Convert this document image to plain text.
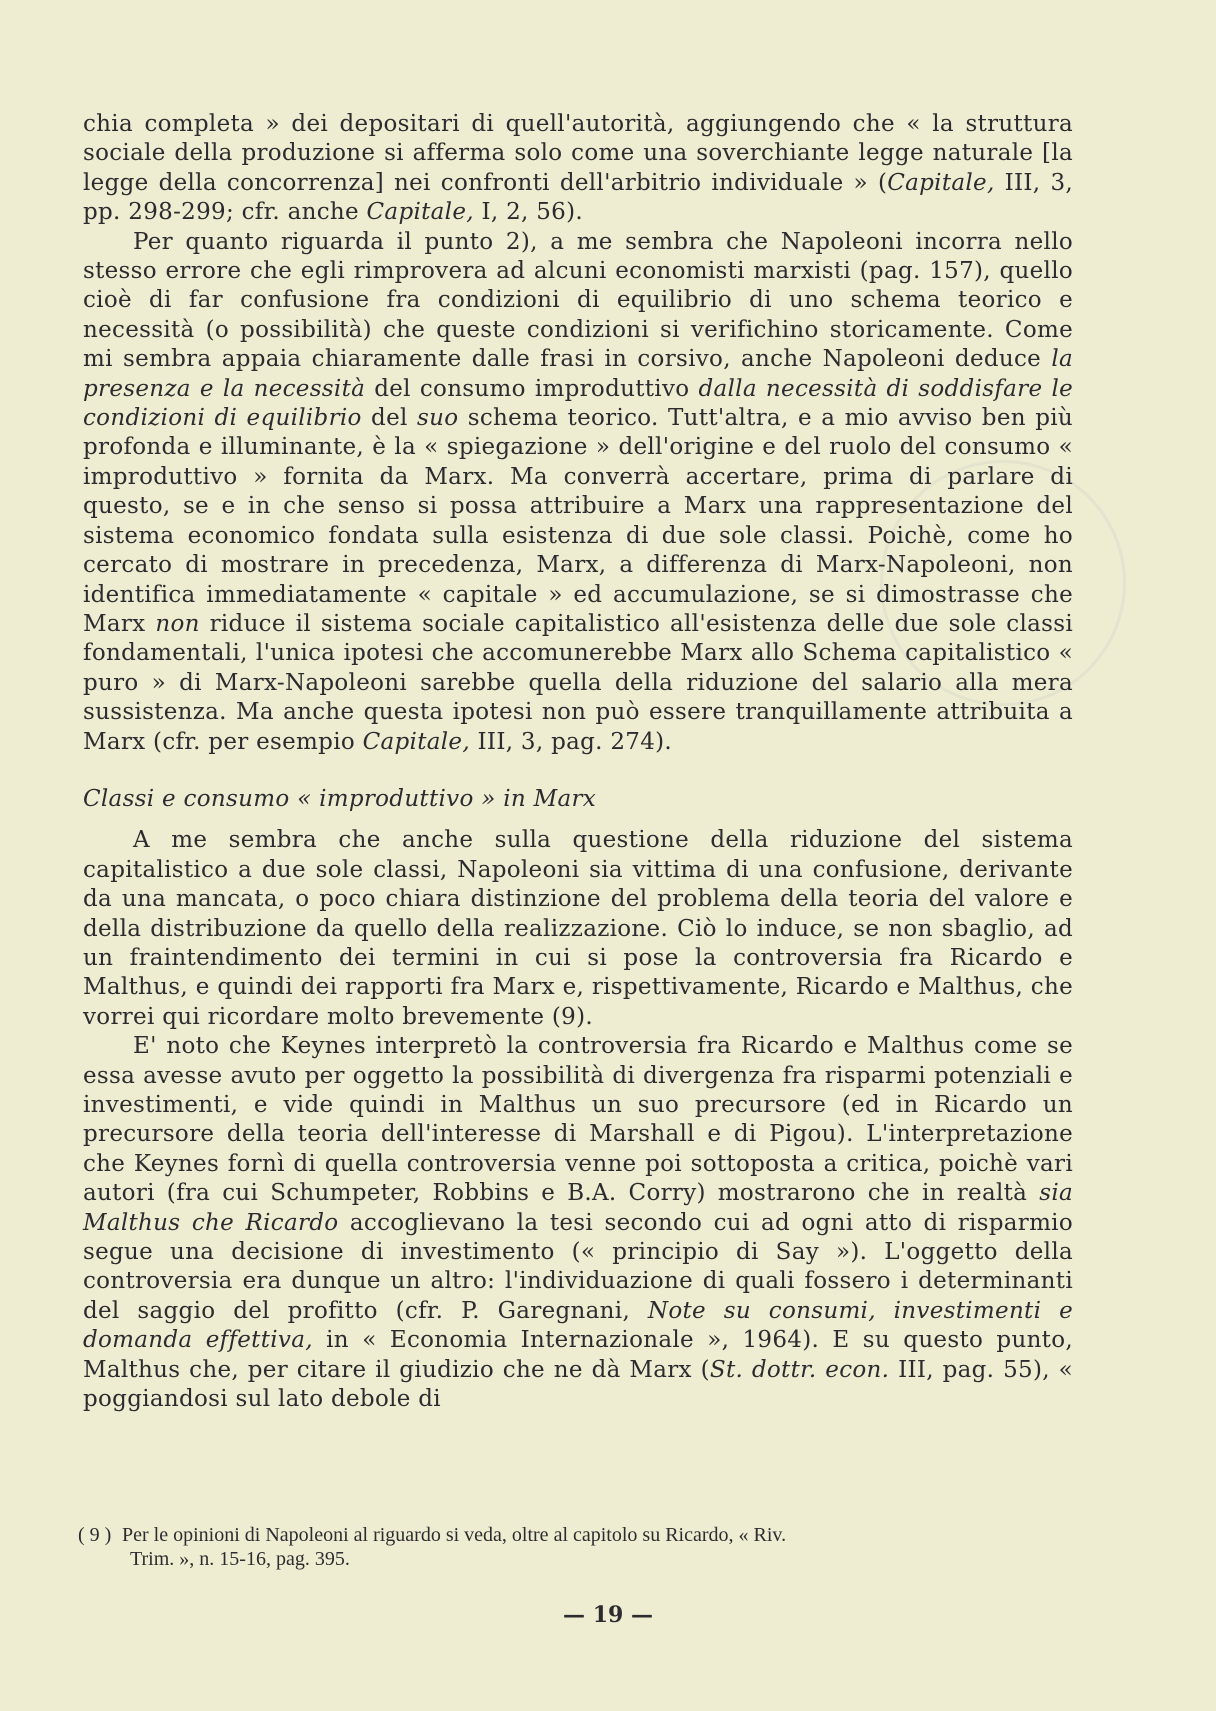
chia completa » dei depositari di quell'autorità, aggiungendo che « la struttura sociale della produzione si afferma solo come una soverchiante legge naturale [la legge della concorrenza] nei confronti dell'arbitrio individuale » (Capitale, III, 3, pp. 298-299; cfr. anche Capitale, I, 2, 56).

Per quanto riguarda il punto 2), a me sembra che Napoleoni incorra nello stesso errore che egli rimprovera ad alcuni economisti marxisti (pag. 157), quello cioè di far confusione fra condizioni di equilibrio di uno schema teorico e necessità (o possibilità) che queste condizioni si verifichino storicamente. Come mi sembra appaia chiaramente dalle frasi in corsivo, anche Napoleoni deduce la presenza e la necessità del consumo improduttivo dalla necessità di soddisfare le condizioni di equilibrio del suo schema teorico. Tutt'altra, e a mio avviso ben più profonda e illuminante, è la « spiegazione » dell'origine e del ruolo del consumo « improduttivo » fornita da Marx. Ma converrà accertare, prima di parlare di questo, se e in che senso si possa attribuire a Marx una rappresentazione del sistema economico fondata sulla esistenza di due sole classi. Poichè, come ho cercato di mostrare in precedenza, Marx, a differenza di Marx-Napoleoni, non identifica immediatamente « capitale » ed accumulazione, se si dimostrasse che Marx non riduce il sistema sociale capitalistico all'esistenza delle due sole classi fondamentali, l'unica ipotesi che accomunerebbe Marx allo Schema capitalistico « puro » di Marx-Napoleoni sarebbe quella della riduzione del salario alla mera sussistenza. Ma anche questa ipotesi non può essere tranquillamente attribuita a Marx (cfr. per esempio Capitale, III, 3, pag. 274).

Classi e consumo « improduttivo » in Marx

A me sembra che anche sulla questione della riduzione del sistema capitalistico a due sole classi, Napoleoni sia vittima di una confusione, derivante da una mancata, o poco chiara distinzione del problema della teoria del valore e della distribuzione da quello della realizzazione. Ciò lo induce, se non sbaglio, ad un fraintendimento dei termini in cui si pose la controversia fra Ricardo e Malthus, e quindi dei rapporti fra Marx e, rispettivamente, Ricardo e Malthus, che vorrei qui ricordare molto brevemente (9).

E' noto che Keynes interpretò la controversia fra Ricardo e Malthus come se essa avesse avuto per oggetto la possibilità di divergenza fra risparmi potenziali e investimenti, e vide quindi in Malthus un suo precursore (ed in Ricardo un precursore della teoria dell'interesse di Marshall e di Pigou). L'interpretazione che Keynes fornì di quella controversia venne poi sottoposta a critica, poichè vari autori (fra cui Schumpeter, Robbins e B.A. Corry) mostrarono che in realtà sia Malthus che Ricardo accoglievano la tesi secondo cui ad ogni atto di risparmio segue una decisione di investimento (« principio di Say »). L'oggetto della controversia era dunque un altro: l'individuazione di quali fossero i determinanti del saggio del profitto (cfr. P. Garegnani, Note su consumi, investimenti e domanda effettiva, in « Economia Internazionale », 1964). E su questo punto, Malthus che, per citare il giudizio che ne dà Marx (St. dottr. econ. III, pag. 55), « poggiandosi sul lato debole di

( 9 ) Per le opinioni di Napoleoni al riguardo si veda, oltre al capitolo su Ricardo, « Riv.
Trim. », n. 15-16, pag. 395.
— 19 —
